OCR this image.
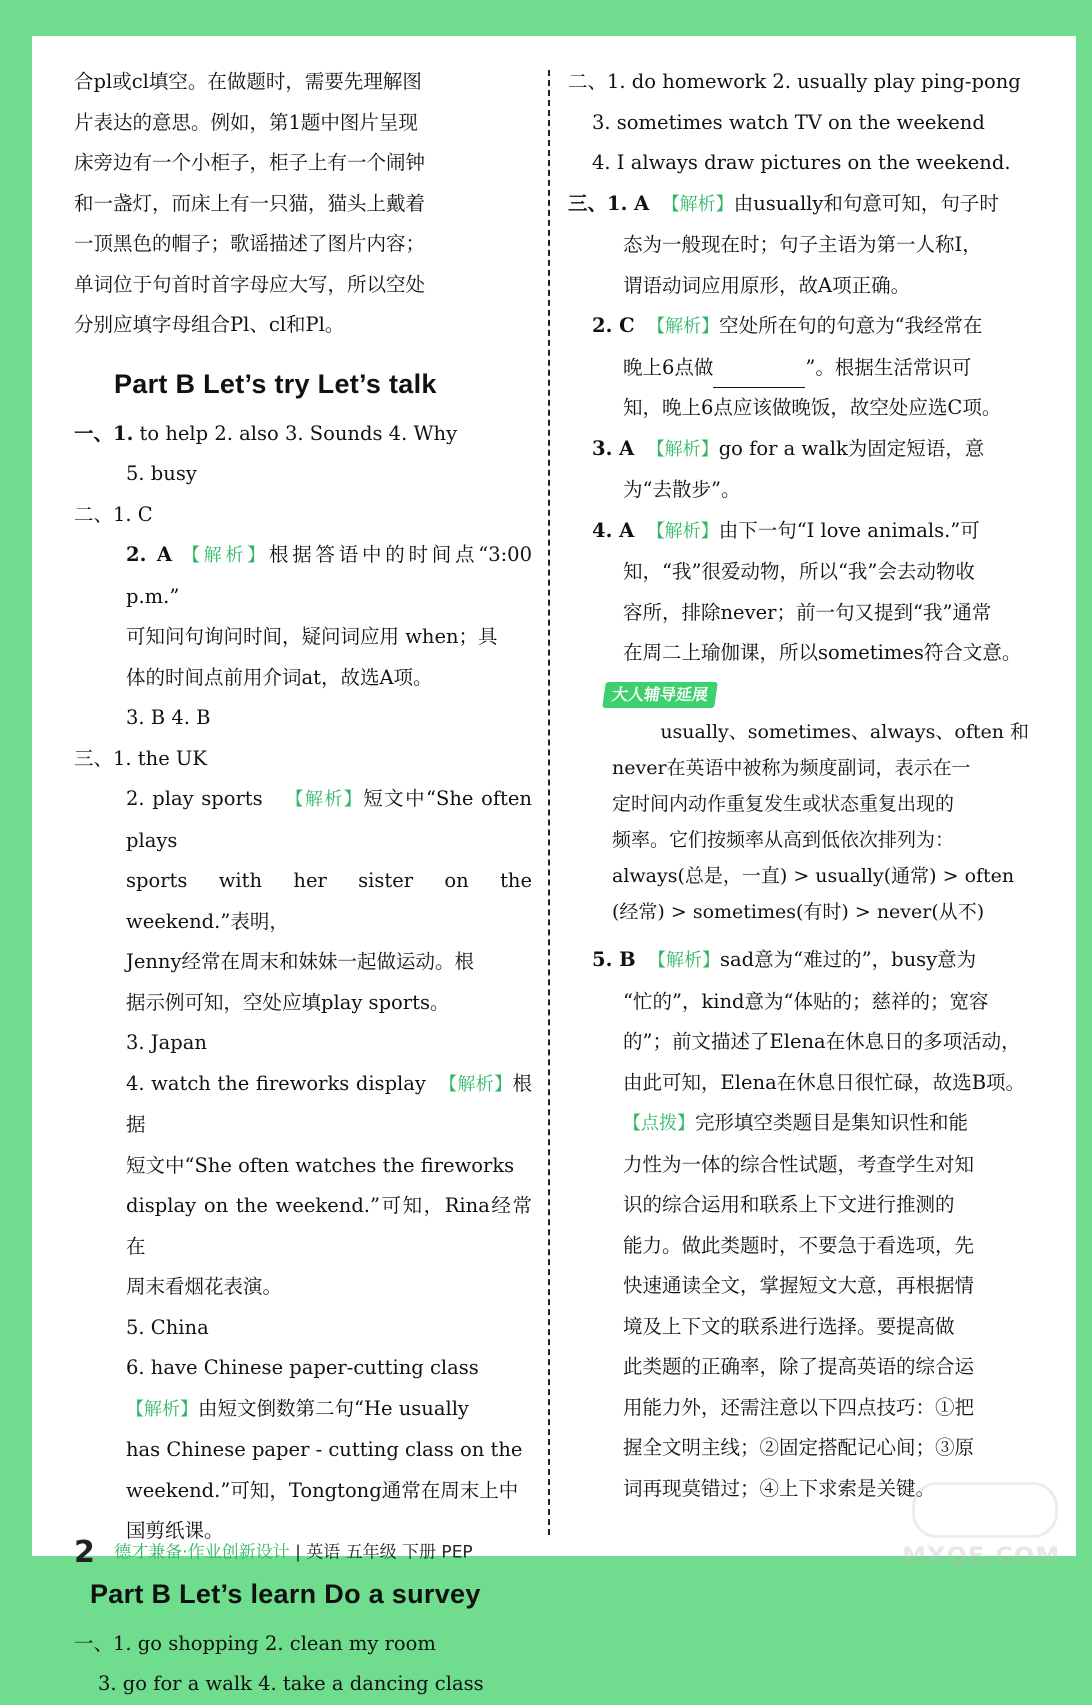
合pl或cl填空。在做题时，需要先理解图

片表达的意思。例如，第1题中图片呈现

床旁边有一个小柜子，柜子上有一个闹钟

和一盏灯，而床上有一只猫，猫头上戴着

一顶黑色的帽子；歌谣描述了图片内容；

单词位于句首时首字母应大写，所以空处

分别应填字母组合Pl、cl和Pl。

Part B Let’s try Let’s talk

一、1. to help 2. also 3. Sounds 4. Why

5. busy

二、1. C

2. A 【解析】根据答语中的时间点“3:00 p.m.”

可知问句询问时间，疑问词应用 when；具

体的时间点前用介词at，故选A项。

3. B 4. B

三、1. the UK

2. play sports 【解析】短文中“She often plays

sports with her sister on the weekend.”表明，

Jenny经常在周末和妹妹一起做运动。根

据示例可知，空处应填play sports。

3. Japan

4. watch the fireworks display 【解析】根据

短文中“She often watches the fireworks

display on the weekend.”可知，Rina经常在

周末看烟花表演。

5. China

6. have Chinese paper-cutting class

【解析】由短文倒数第二句“He usually

has Chinese paper - cutting class on the

weekend.”可知，Tongtong通常在周末上中

国剪纸课。

Part B Let’s learn Do a survey

一、1. go shopping 2. clean my room

3. go for a walk 4. take a dancing class

二、1. do homework 2. usually play ping-pong

3. sometimes watch TV on the weekend

4. I always draw pictures on the weekend.

三、1. A 【解析】由usually和句意可知，句子时

态为一般现在时；句子主语为第一人称I，

谓语动词应用原形，故A项正确。

2. C 【解析】空处所在句的句意为“我经常在

晚上6点做	”。根据生活常识可

知，晚上6点应该做晚饭，故空处应选C项。

3. A 【解析】go for a walk为固定短语，意

为“去散步”。

4. A 【解析】由下一句“I love animals.”可

知，“我”很爱动物，所以“我”会去动物收

容所，排除never；前一句又提到“我”通常

在周二上瑜伽课，所以sometimes符合文意。

大人辅导延展

usually、sometimes、always、often 和

never在英语中被称为频度副词，表示在一

定时间内动作重复发生或状态重复出现的

频率。它们按频率从高到低依次排列为：

always(总是，一直) > usually(通常) > often

(经常) > sometimes(有时) > never(从不)

5. B 【解析】sad意为“难过的”，busy意为

“忙的”，kind意为“体贴的；慈祥的；宽容

的”；前文描述了Elena在休息日的多项活动，

由此可知，Elena在休息日很忙碌，故选B项。

【点拨】完形填空类题目是集知识性和能

力性为一体的综合性试题，考查学生对知

识的综合运用和联系上下文进行推测的

能力。做此类题时，不要急于看选项，先

快速通读全文，掌握短文大意，再根据情

境及上下文的联系进行选择。要提高做

此类题的正确率，除了提高英语的综合运

用能力外，还需注意以下四点技巧：①把

握全文明主线；②固定搭配记心间；③原

词再现莫错过；④上下求索是关键。

2 德才兼备·作业创新设计 | 英语 五年级 下册 PEP	MXQE.COM
